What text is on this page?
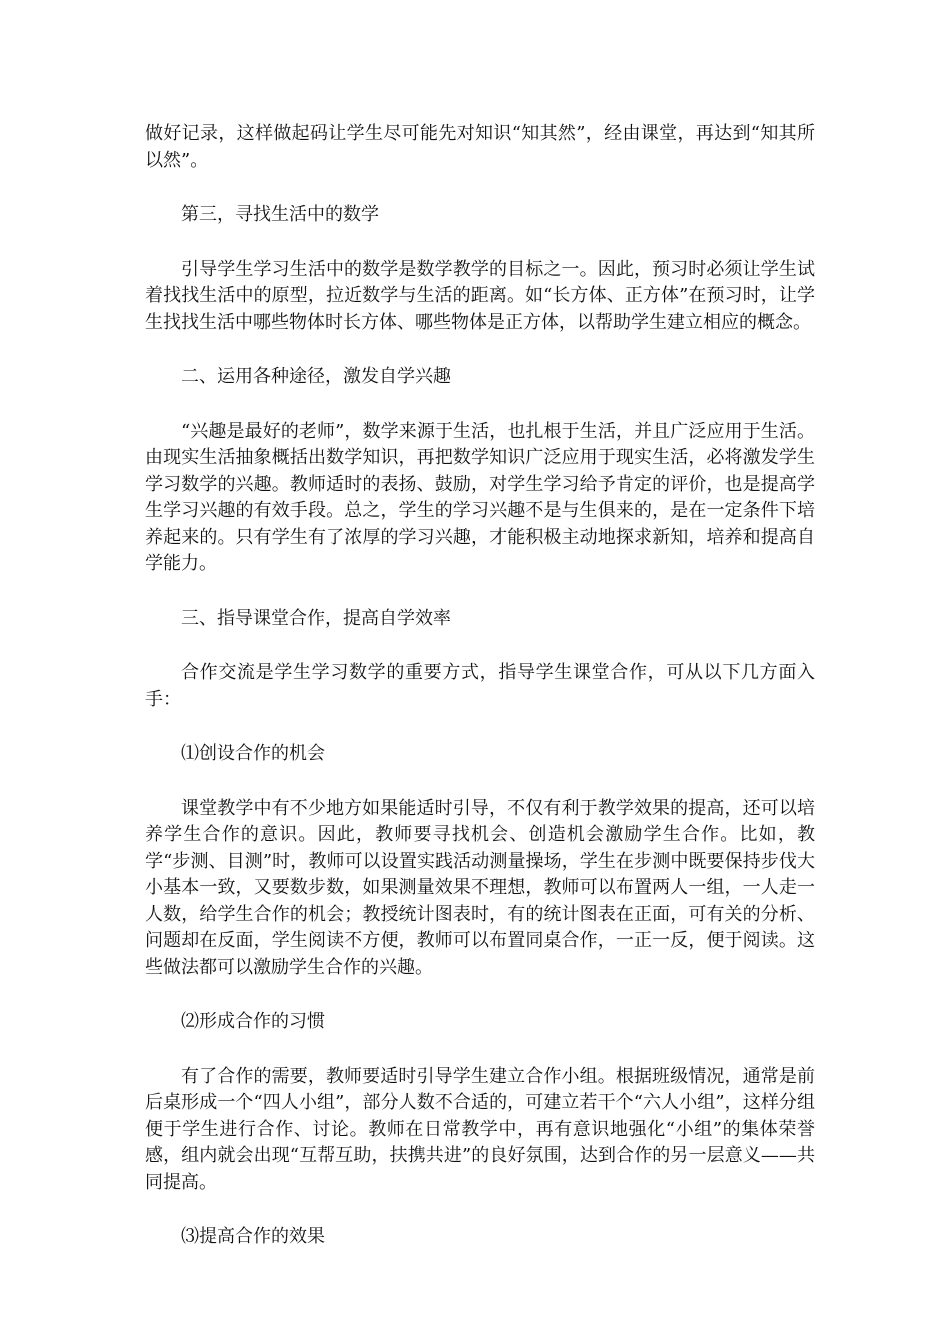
做好记录，这样做起码让学生尽可能先对知识“知其然”，经由课堂，再达到“知其所以然”。

第三，寻找生活中的数学

引导学生学习生活中的数学是数学教学的目标之一。因此，预习时必须让学生试着找找生活中的原型，拉近数学与生活的距离。如“长方体、正方体”在预习时，让学生找找生活中哪些物体时长方体、哪些物体是正方体，以帮助学生建立相应的概念。

二、运用各种途径，激发自学兴趣

“兴趣是最好的老师”，数学来源于生活，也扎根于生活，并且广泛应用于生活。由现实生活抽象概括出数学知识，再把数学知识广泛应用于现实生活，必将激发学生学习数学的兴趣。教师适时的表扬、鼓励，对学生学习给予肯定的评价，也是提高学生学习兴趣的有效手段。总之，学生的学习兴趣不是与生俱来的，是在一定条件下培养起来的。只有学生有了浓厚的学习兴趣，才能积极主动地探求新知，培养和提高自学能力。

三、指导课堂合作，提高自学效率

合作交流是学生学习数学的重要方式，指导学生课堂合作，可从以下几方面入手：

⑴创设合作的机会

课堂教学中有不少地方如果能适时引导，不仅有利于教学效果的提高，还可以培养学生合作的意识。因此，教师要寻找机会、创造机会激励学生合作。比如，教学“步测、目测”时，教师可以设置实践活动测量操场，学生在步测中既要保持步伐大小基本一致，又要数步数，如果测量效果不理想，教师可以布置两人一组，一人走一人数，给学生合作的机会；教授统计图表时，有的统计图表在正面，可有关的分析、问题却在反面，学生阅读不方便，教师可以布置同桌合作，一正一反，便于阅读。这些做法都可以激励学生合作的兴趣。

⑵形成合作的习惯

有了合作的需要，教师要适时引导学生建立合作小组。根据班级情况，通常是前后桌形成一个“四人小组”，部分人数不合适的，可建立若干个“六人小组”，这样分组便于学生进行合作、讨论。教师在日常教学中，再有意识地强化“小组”的集体荣誉感，组内就会出现“互帮互助，扶携共进”的良好氛围，达到合作的另一层意义——共同提高。

⑶提高合作的效果
